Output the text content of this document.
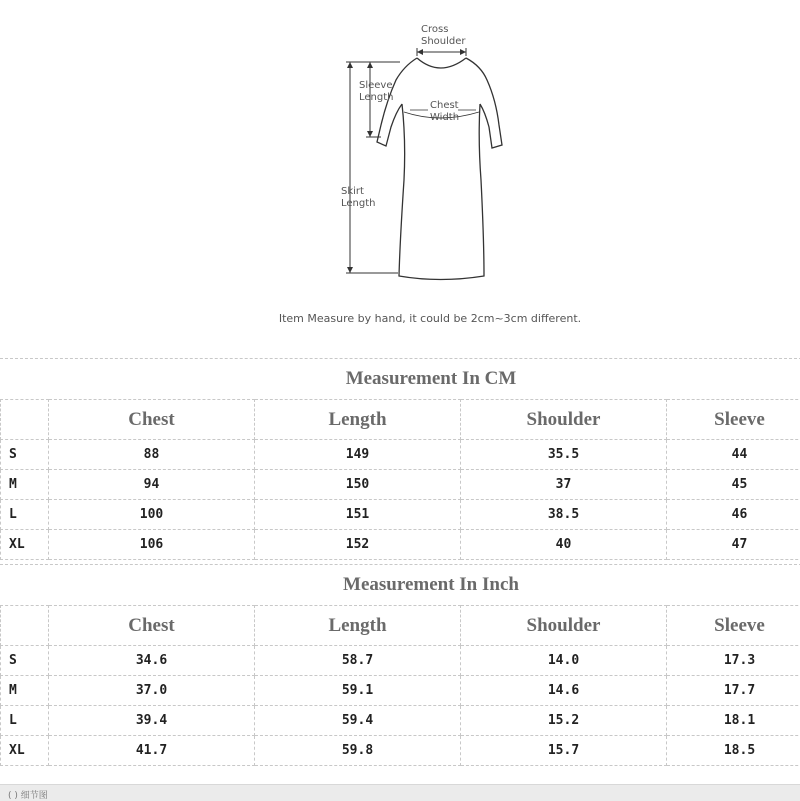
Cross
Shoulder
Sleeve
Length
Chest
Width
Skirt
Length
Item Measure by hand, it could be 2cm~3cm different.
Measurement In CM
	Chest	Length	Shoulder	Sleeve
S	88	149	35.5	44
M	94	150	37	45
L	100	151	38.5	46
XL	106	152	40	47
Measurement In Inch
	Chest	Length	Shoulder	Sleeve
S	34.6	58.7	14.0	17.3
M	37.0	59.1	14.6	17.7
L	39.4	59.4	15.2	18.1
XL	41.7	59.8	15.7	18.5
( ) 细节图
